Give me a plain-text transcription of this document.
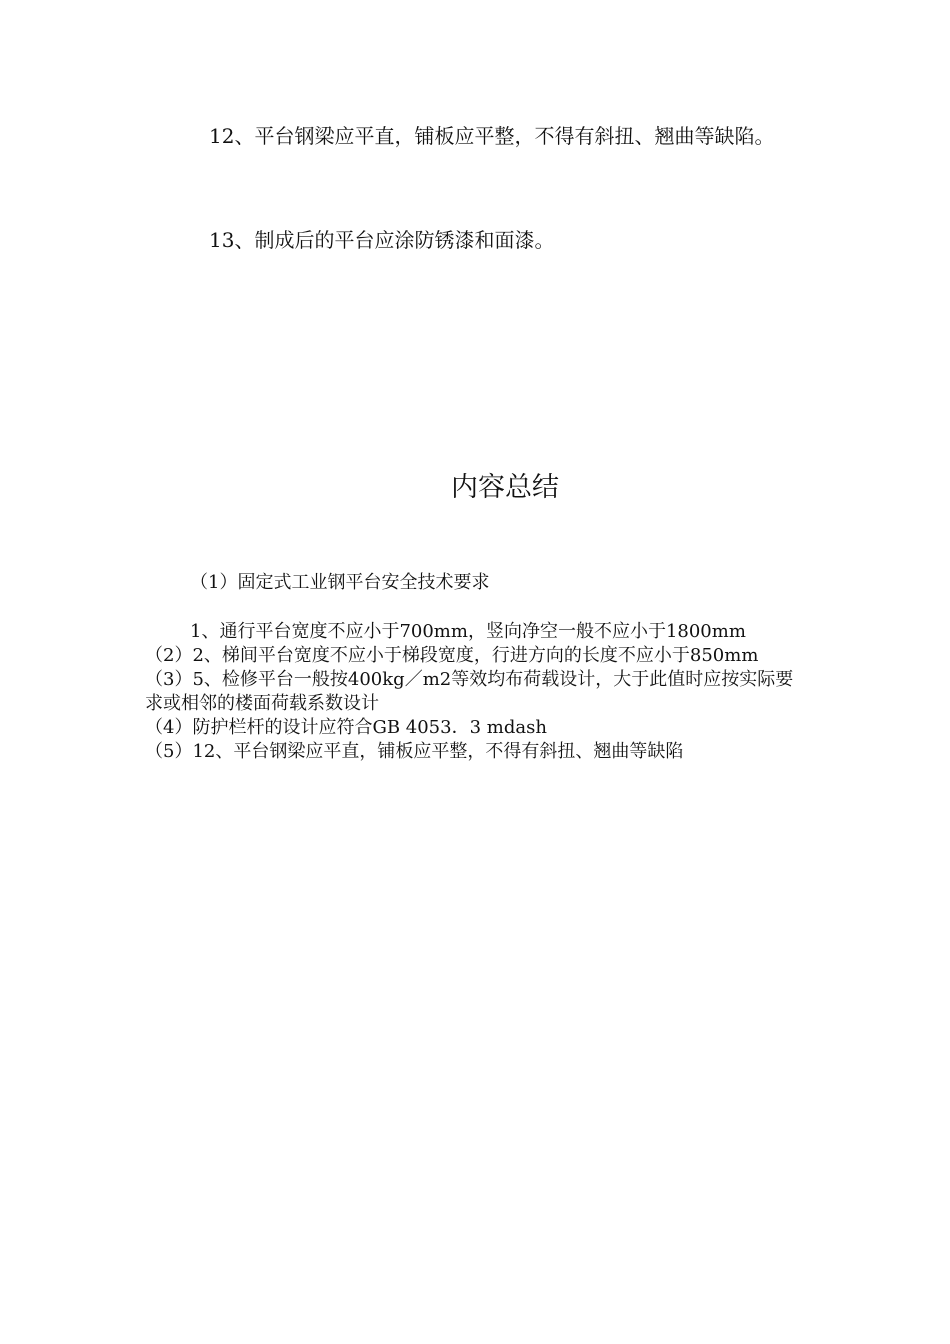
12、平台钢梁应平直，铺板应平整，不得有斜扭、翘曲等缺陷。

13、制成后的平台应涂防锈漆和面漆。

内容总结

（1）固定式工业钢平台安全技术要求

1、通行平台宽度不应小于700mm，竖向净空一般不应小于1800mm

（2）2、梯间平台宽度不应小于梯段宽度，行进方向的长度不应小于850mm

（3）5、检修平台一般按400kg／m2等效均布荷载设计，大于此值时应按实际要求或相邻的楼面荷载系数设计

（4）防护栏杆的设计应符合GB 4053．3 mdash

（5）12、平台钢梁应平直，铺板应平整，不得有斜扭、翘曲等缺陷
